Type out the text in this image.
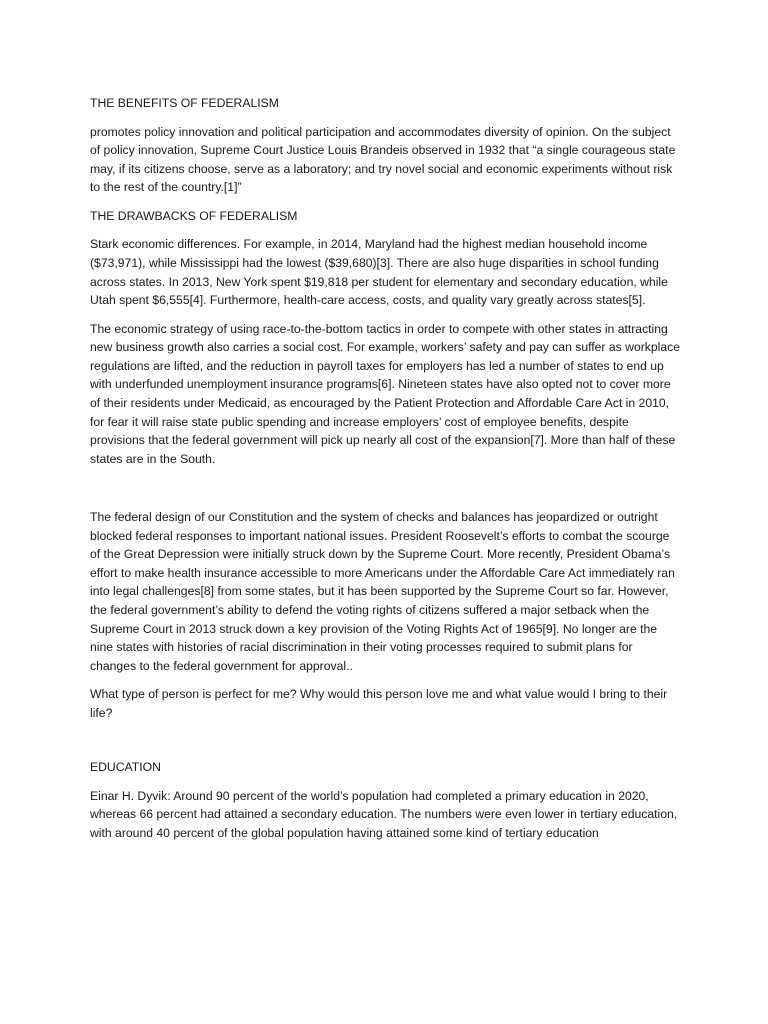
THE BENEFITS OF FEDERALISM

promotes policy innovation and political participation and accommodates diversity of opinion. On the subject of policy innovation, Supreme Court Justice Louis Brandeis observed in 1932 that “a single courageous state may, if its citizens choose, serve as a laboratory; and try novel social and economic experiments without risk to the rest of the country.[1]”

THE DRAWBACKS OF FEDERALISM

Stark economic differences. For example, in 2014, Maryland had the highest median household income ($73,971), while Mississippi had the lowest ($39,680)[3]. There are also huge disparities in school funding across states. In 2013, New York spent $19,818 per student for elementary and secondary education, while Utah spent $6,555[4]. Furthermore, health-care access, costs, and quality vary greatly across states[5].

The economic strategy of using race-to-the-bottom tactics in order to compete with other states in attracting new business growth also carries a social cost. For example, workers’ safety and pay can suffer as workplace regulations are lifted, and the reduction in payroll taxes for employers has led a number of states to end up with underfunded unemployment insurance programs[6]. Nineteen states have also opted not to cover more of their residents under Medicaid, as encouraged by the Patient Protection and Affordable Care Act in 2010, for fear it will raise state public spending and increase employers’ cost of employee benefits, despite provisions that the federal government will pick up nearly all cost of the expansion[7]. More than half of these states are in the South.

The federal design of our Constitution and the system of checks and balances has jeopardized or outright blocked federal responses to important national issues. President Roosevelt’s efforts to combat the scourge of the Great Depression were initially struck down by the Supreme Court. More recently, President Obama’s effort to make health insurance accessible to more Americans under the Affordable Care Act immediately ran into legal challenges[8] from some states, but it has been supported by the Supreme Court so far. However, the federal government’s ability to defend the voting rights of citizens suffered a major setback when the Supreme Court in 2013 struck down a key provision of the Voting Rights Act of 1965[9]. No longer are the nine states with histories of racial discrimination in their voting processes required to submit plans for changes to the federal government for approval..

What type of person is perfect for me? Why would this person love me and what value would I bring to their life?

EDUCATION

Einar H. Dyvik: Around 90 percent of the world’s population had completed a primary education in 2020, whereas 66 percent had attained a secondary education. The numbers were even lower in tertiary education, with around 40 percent of the global population having attained some kind of tertiary education
